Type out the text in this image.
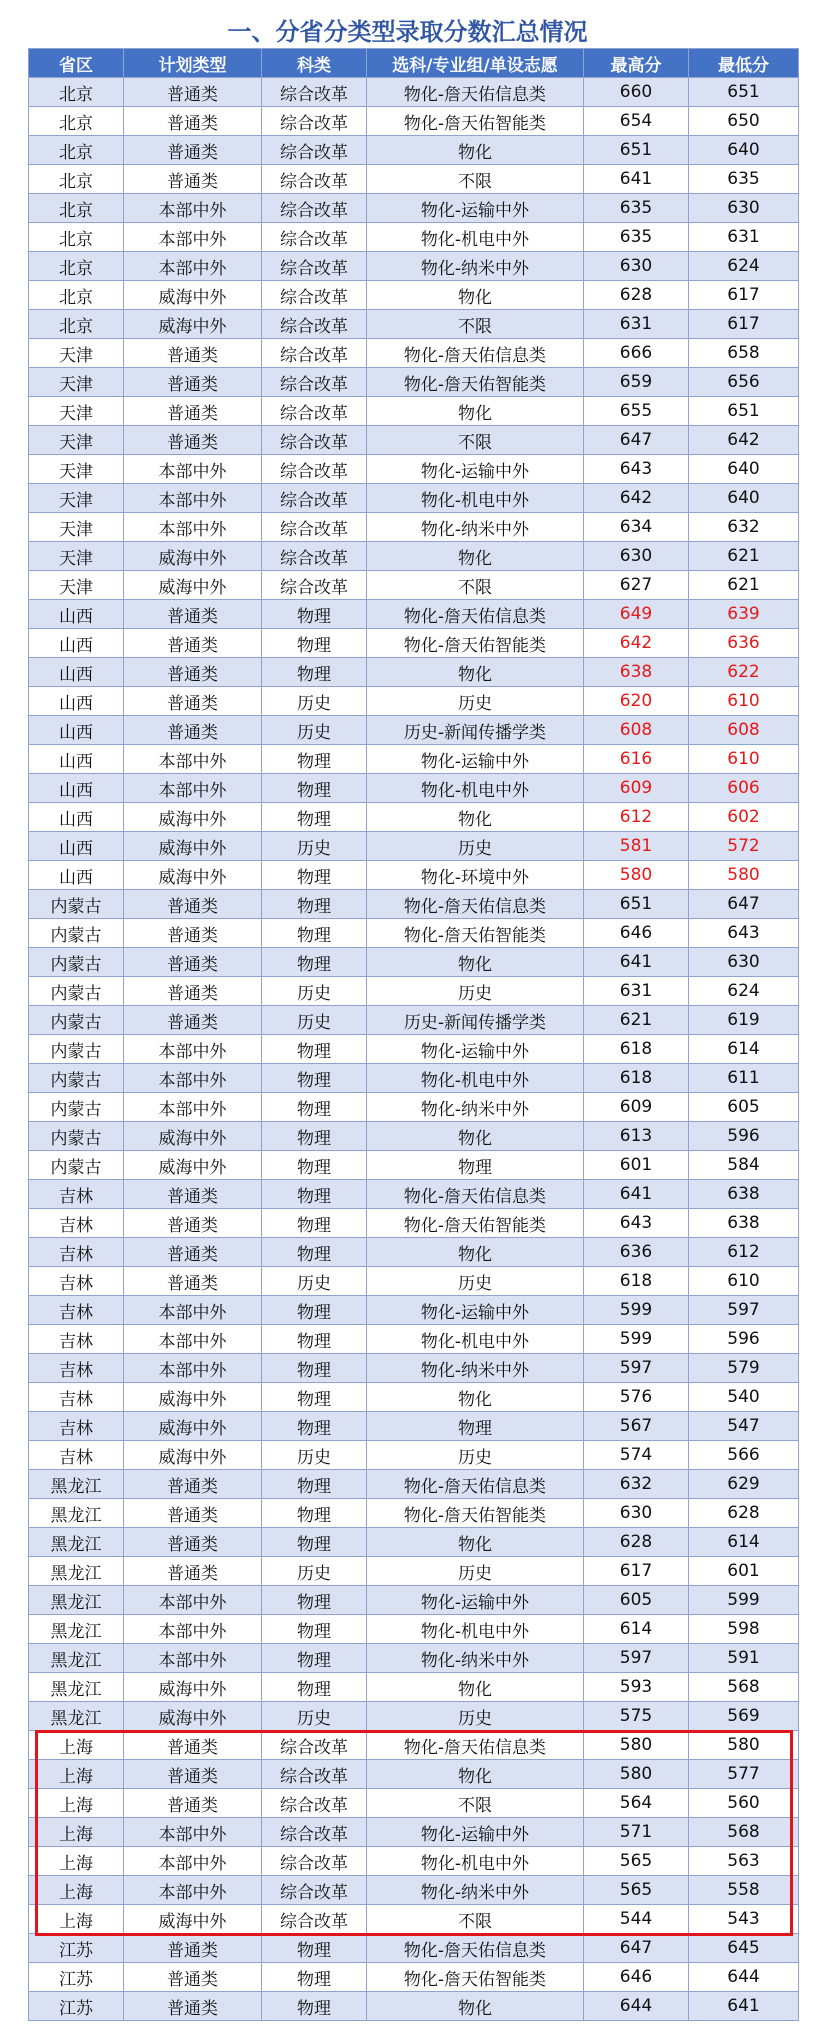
一、分省分类型录取分数汇总情况
省区	计划类型	科类	选科/专业组/单设志愿	最高分	最低分
北京	普通类	综合改革	物化-詹天佑信息类	660	651
北京	普通类	综合改革	物化-詹天佑智能类	654	650
北京	普通类	综合改革	物化	651	640
北京	普通类	综合改革	不限	641	635
北京	本部中外	综合改革	物化-运输中外	635	630
北京	本部中外	综合改革	物化-机电中外	635	631
北京	本部中外	综合改革	物化-纳米中外	630	624
北京	威海中外	综合改革	物化	628	617
北京	威海中外	综合改革	不限	631	617
天津	普通类	综合改革	物化-詹天佑信息类	666	658
天津	普通类	综合改革	物化-詹天佑智能类	659	656
天津	普通类	综合改革	物化	655	651
天津	普通类	综合改革	不限	647	642
天津	本部中外	综合改革	物化-运输中外	643	640
天津	本部中外	综合改革	物化-机电中外	642	640
天津	本部中外	综合改革	物化-纳米中外	634	632
天津	威海中外	综合改革	物化	630	621
天津	威海中外	综合改革	不限	627	621
山西	普通类	物理	物化-詹天佑信息类	649	639
山西	普通类	物理	物化-詹天佑智能类	642	636
山西	普通类	物理	物化	638	622
山西	普通类	历史	历史	620	610
山西	普通类	历史	历史-新闻传播学类	608	608
山西	本部中外	物理	物化-运输中外	616	610
山西	本部中外	物理	物化-机电中外	609	606
山西	威海中外	物理	物化	612	602
山西	威海中外	历史	历史	581	572
山西	威海中外	物理	物化-环境中外	580	580
内蒙古	普通类	物理	物化-詹天佑信息类	651	647
内蒙古	普通类	物理	物化-詹天佑智能类	646	643
内蒙古	普通类	物理	物化	641	630
内蒙古	普通类	历史	历史	631	624
内蒙古	普通类	历史	历史-新闻传播学类	621	619
内蒙古	本部中外	物理	物化-运输中外	618	614
内蒙古	本部中外	物理	物化-机电中外	618	611
内蒙古	本部中外	物理	物化-纳米中外	609	605
内蒙古	威海中外	物理	物化	613	596
内蒙古	威海中外	物理	物理	601	584
吉林	普通类	物理	物化-詹天佑信息类	641	638
吉林	普通类	物理	物化-詹天佑智能类	643	638
吉林	普通类	物理	物化	636	612
吉林	普通类	历史	历史	618	610
吉林	本部中外	物理	物化-运输中外	599	597
吉林	本部中外	物理	物化-机电中外	599	596
吉林	本部中外	物理	物化-纳米中外	597	579
吉林	威海中外	物理	物化	576	540
吉林	威海中外	物理	物理	567	547
吉林	威海中外	历史	历史	574	566
黑龙江	普通类	物理	物化-詹天佑信息类	632	629
黑龙江	普通类	物理	物化-詹天佑智能类	630	628
黑龙江	普通类	物理	物化	628	614
黑龙江	普通类	历史	历史	617	601
黑龙江	本部中外	物理	物化-运输中外	605	599
黑龙江	本部中外	物理	物化-机电中外	614	598
黑龙江	本部中外	物理	物化-纳米中外	597	591
黑龙江	威海中外	物理	物化	593	568
黑龙江	威海中外	历史	历史	575	569
上海	普通类	综合改革	物化-詹天佑信息类	580	580
上海	普通类	综合改革	物化	580	577
上海	普通类	综合改革	不限	564	560
上海	本部中外	综合改革	物化-运输中外	571	568
上海	本部中外	综合改革	物化-机电中外	565	563
上海	本部中外	综合改革	物化-纳米中外	565	558
上海	威海中外	综合改革	不限	544	543
江苏	普通类	物理	物化-詹天佑信息类	647	645
江苏	普通类	物理	物化-詹天佑智能类	646	644
江苏	普通类	物理	物化	644	641
